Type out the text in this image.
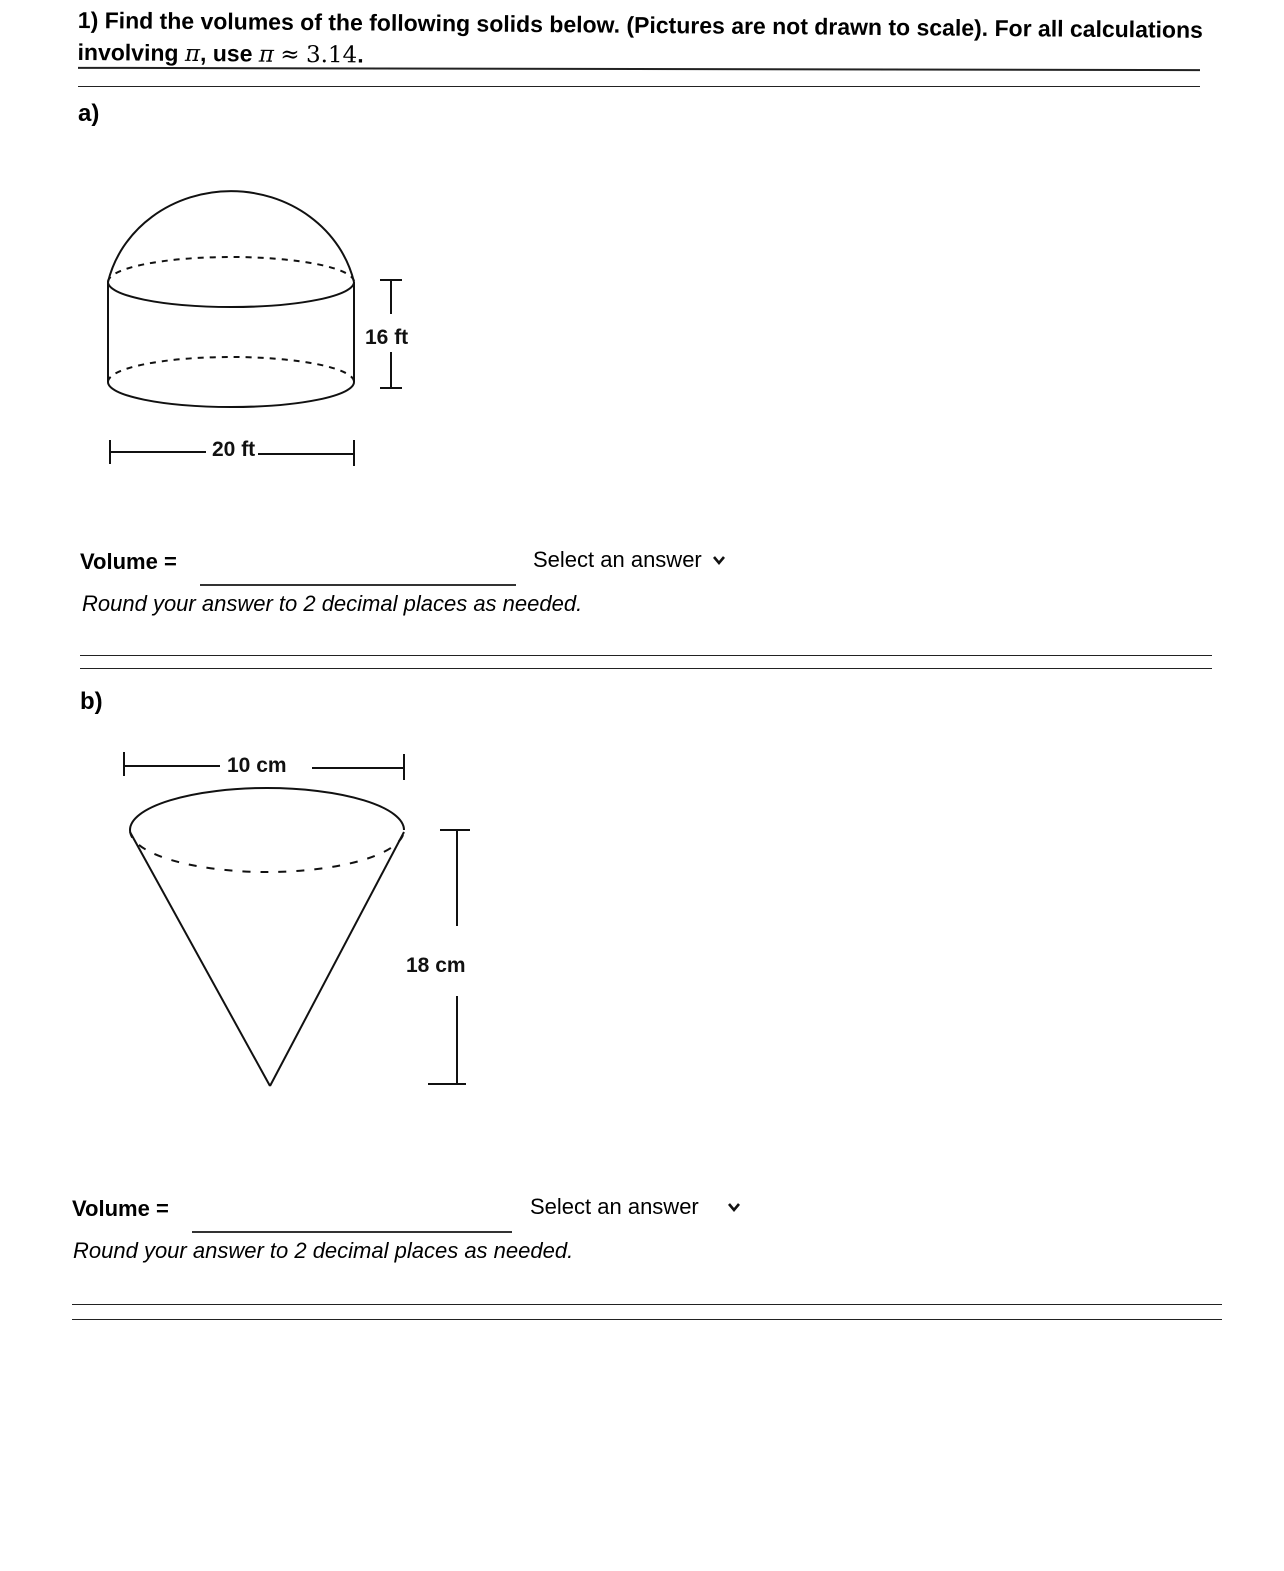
1) Find the volumes of the following solids below. (Pictures are not drawn to scale). For all calculations involving π, use π ≈ 3.14.
a)
16 ft
20 ft
Volume =	Select an answer
Round your answer to 2 decimal places as needed.
b)
10 cm
18 cm
Volume =	Select an answer
Round your answer to 2 decimal places as needed.
